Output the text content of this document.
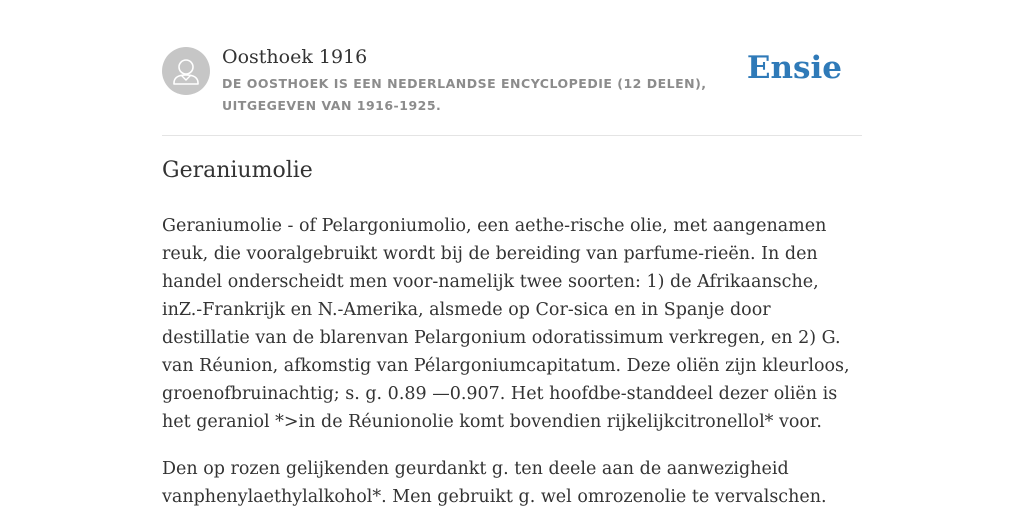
Oosthoek 1916
DE OOSTHOEK IS EEN NEDERLANDSE ENCYCLOPEDIE (12 DELEN), UITGEGEVEN VAN 1916-1925.
Ensie
Geraniumolie

Geraniumolie - of Pelargoniumolio, een aethe-rische olie, met aangenamen reuk, die vooralgebruikt wordt bij de bereiding van parfume-rieën. In den handel onderscheidt men voor-namelijk twee soorten: 1) de Afrikaansche, inZ.-Frankrijk en N.-Amerika, alsmede op Cor-sica en in Spanje door destillatie van de blarenvan Pelargonium odoratissimum verkregen, en 2) G. van Réunion, afkomstig van Pélargoniumcapitatum. Deze oliën zijn kleurloos, groenofbruinachtig; s. g. 0.89 —0.907. Het hoofdbe-standdeel dezer oliën is het geraniol *>in de Réunionolie komt bovendien rijkelijkcitronellol* voor.

Den op rozen gelijkenden geurdankt g. ten deele aan de aanwezigheid vanphenylaethylalkohol*. Men gebruikt g. wel omrozenolie te vervalschen.
